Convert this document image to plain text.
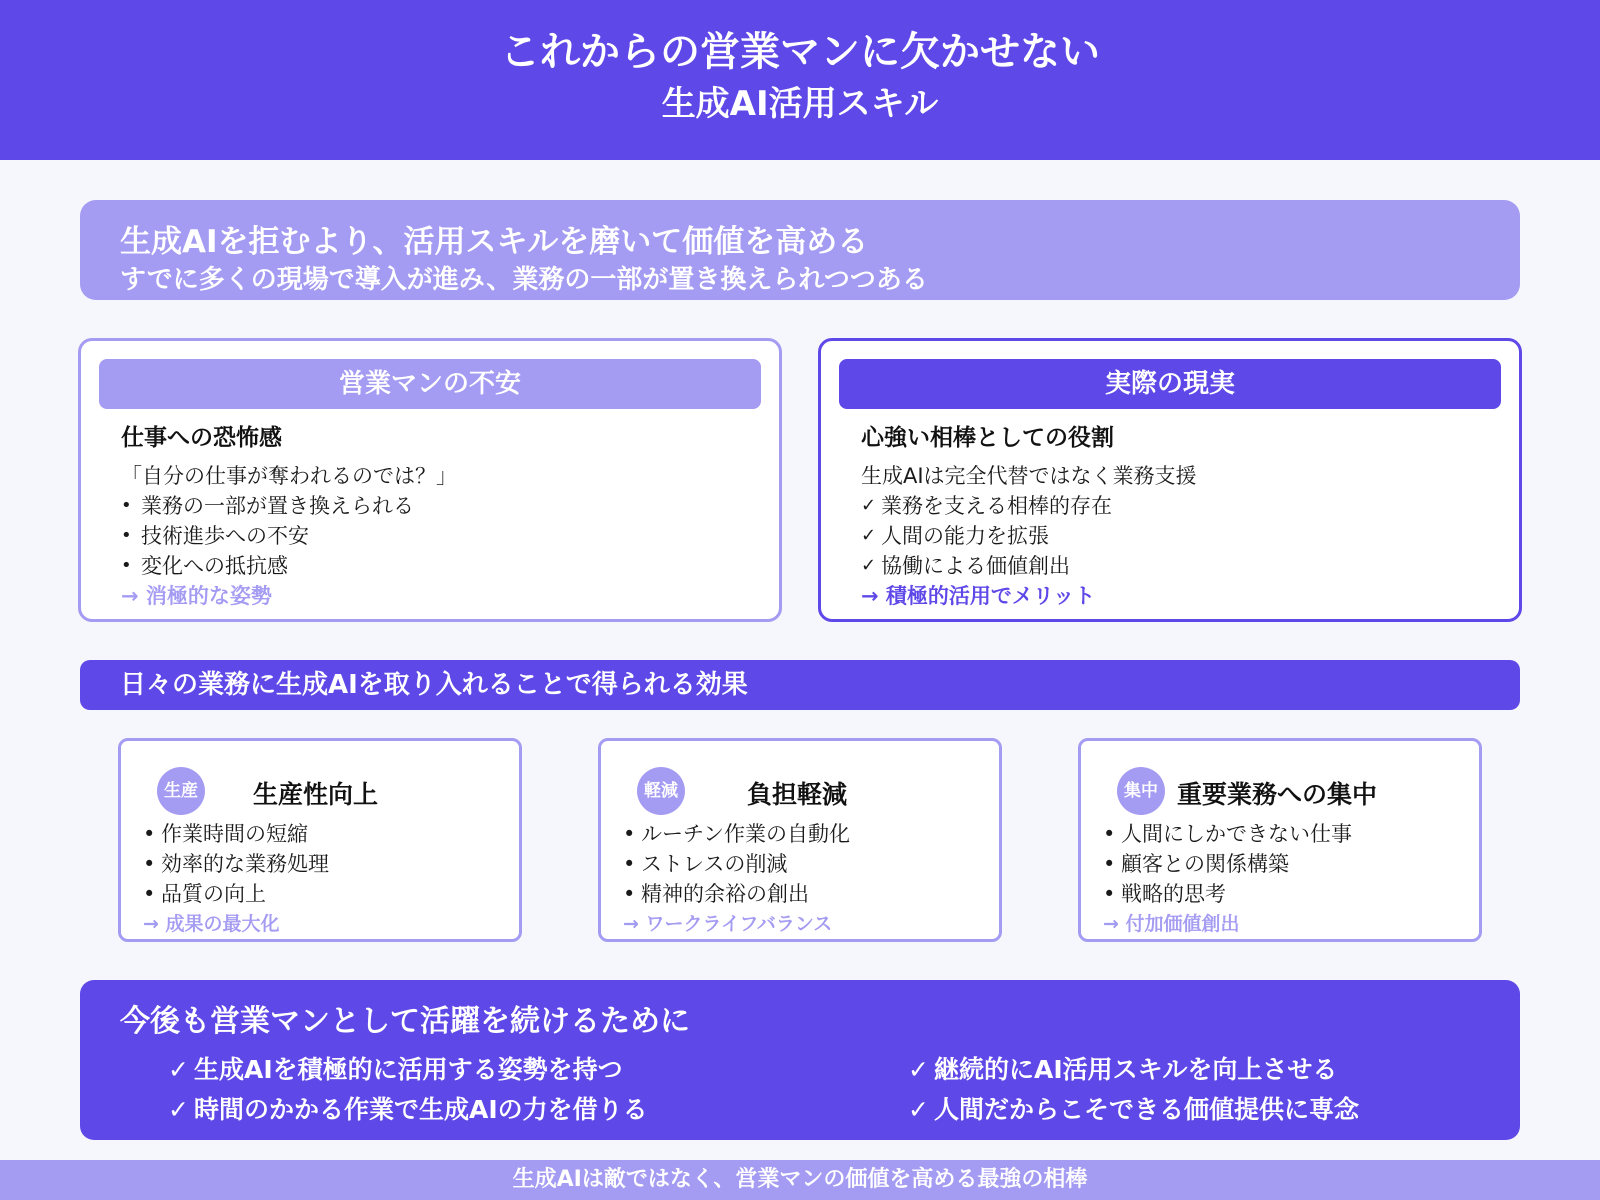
これからの営業マンに欠かせない
生成AI活用スキル
生成AIを拒むより、活用スキルを磨いて価値を高める
すでに多くの現場で導入が進み、業務の一部が置き換えられつつある
営業マンの不安
仕事への恐怖感
「自分の仕事が奪われるのでは？」
• 業務の一部が置き換えられる
• 技術進歩への不安
• 変化への抵抗感
→ 消極的な姿勢
実際の現実
心強い相棒としての役割
生成AIは完全代替ではなく業務支援
✓ 業務を支える相棒的存在
✓ 人間の能力を拡張
✓ 協働による価値創出
→ 積極的活用でメリット
日々の業務に生成AIを取り入れることで得られる効果
生産 生産性向上
• 作業時間の短縮
• 効率的な業務処理
• 品質の向上
→ 成果の最大化
軽減	負担軽減
• ルーチン作業の自動化
• ストレスの削減
• 精神的余裕の創出
→ ワークライフバランス
集中 重要業務への集中
• 人間にしかできない仕事
• 顧客との関係構築
• 戦略的思考
→ 付加価値創出
今後も営業マンとして活躍を続けるために
✓ 生成AIを積極的に活用する姿勢を持つ
✓ 時間のかかる作業で生成AIの力を借りる
✓ 継続的にAI活用スキルを向上させる
✓ 人間だからこそできる価値提供に専念
生成AIは敵ではなく、営業マンの価値を高める最強の相棒
